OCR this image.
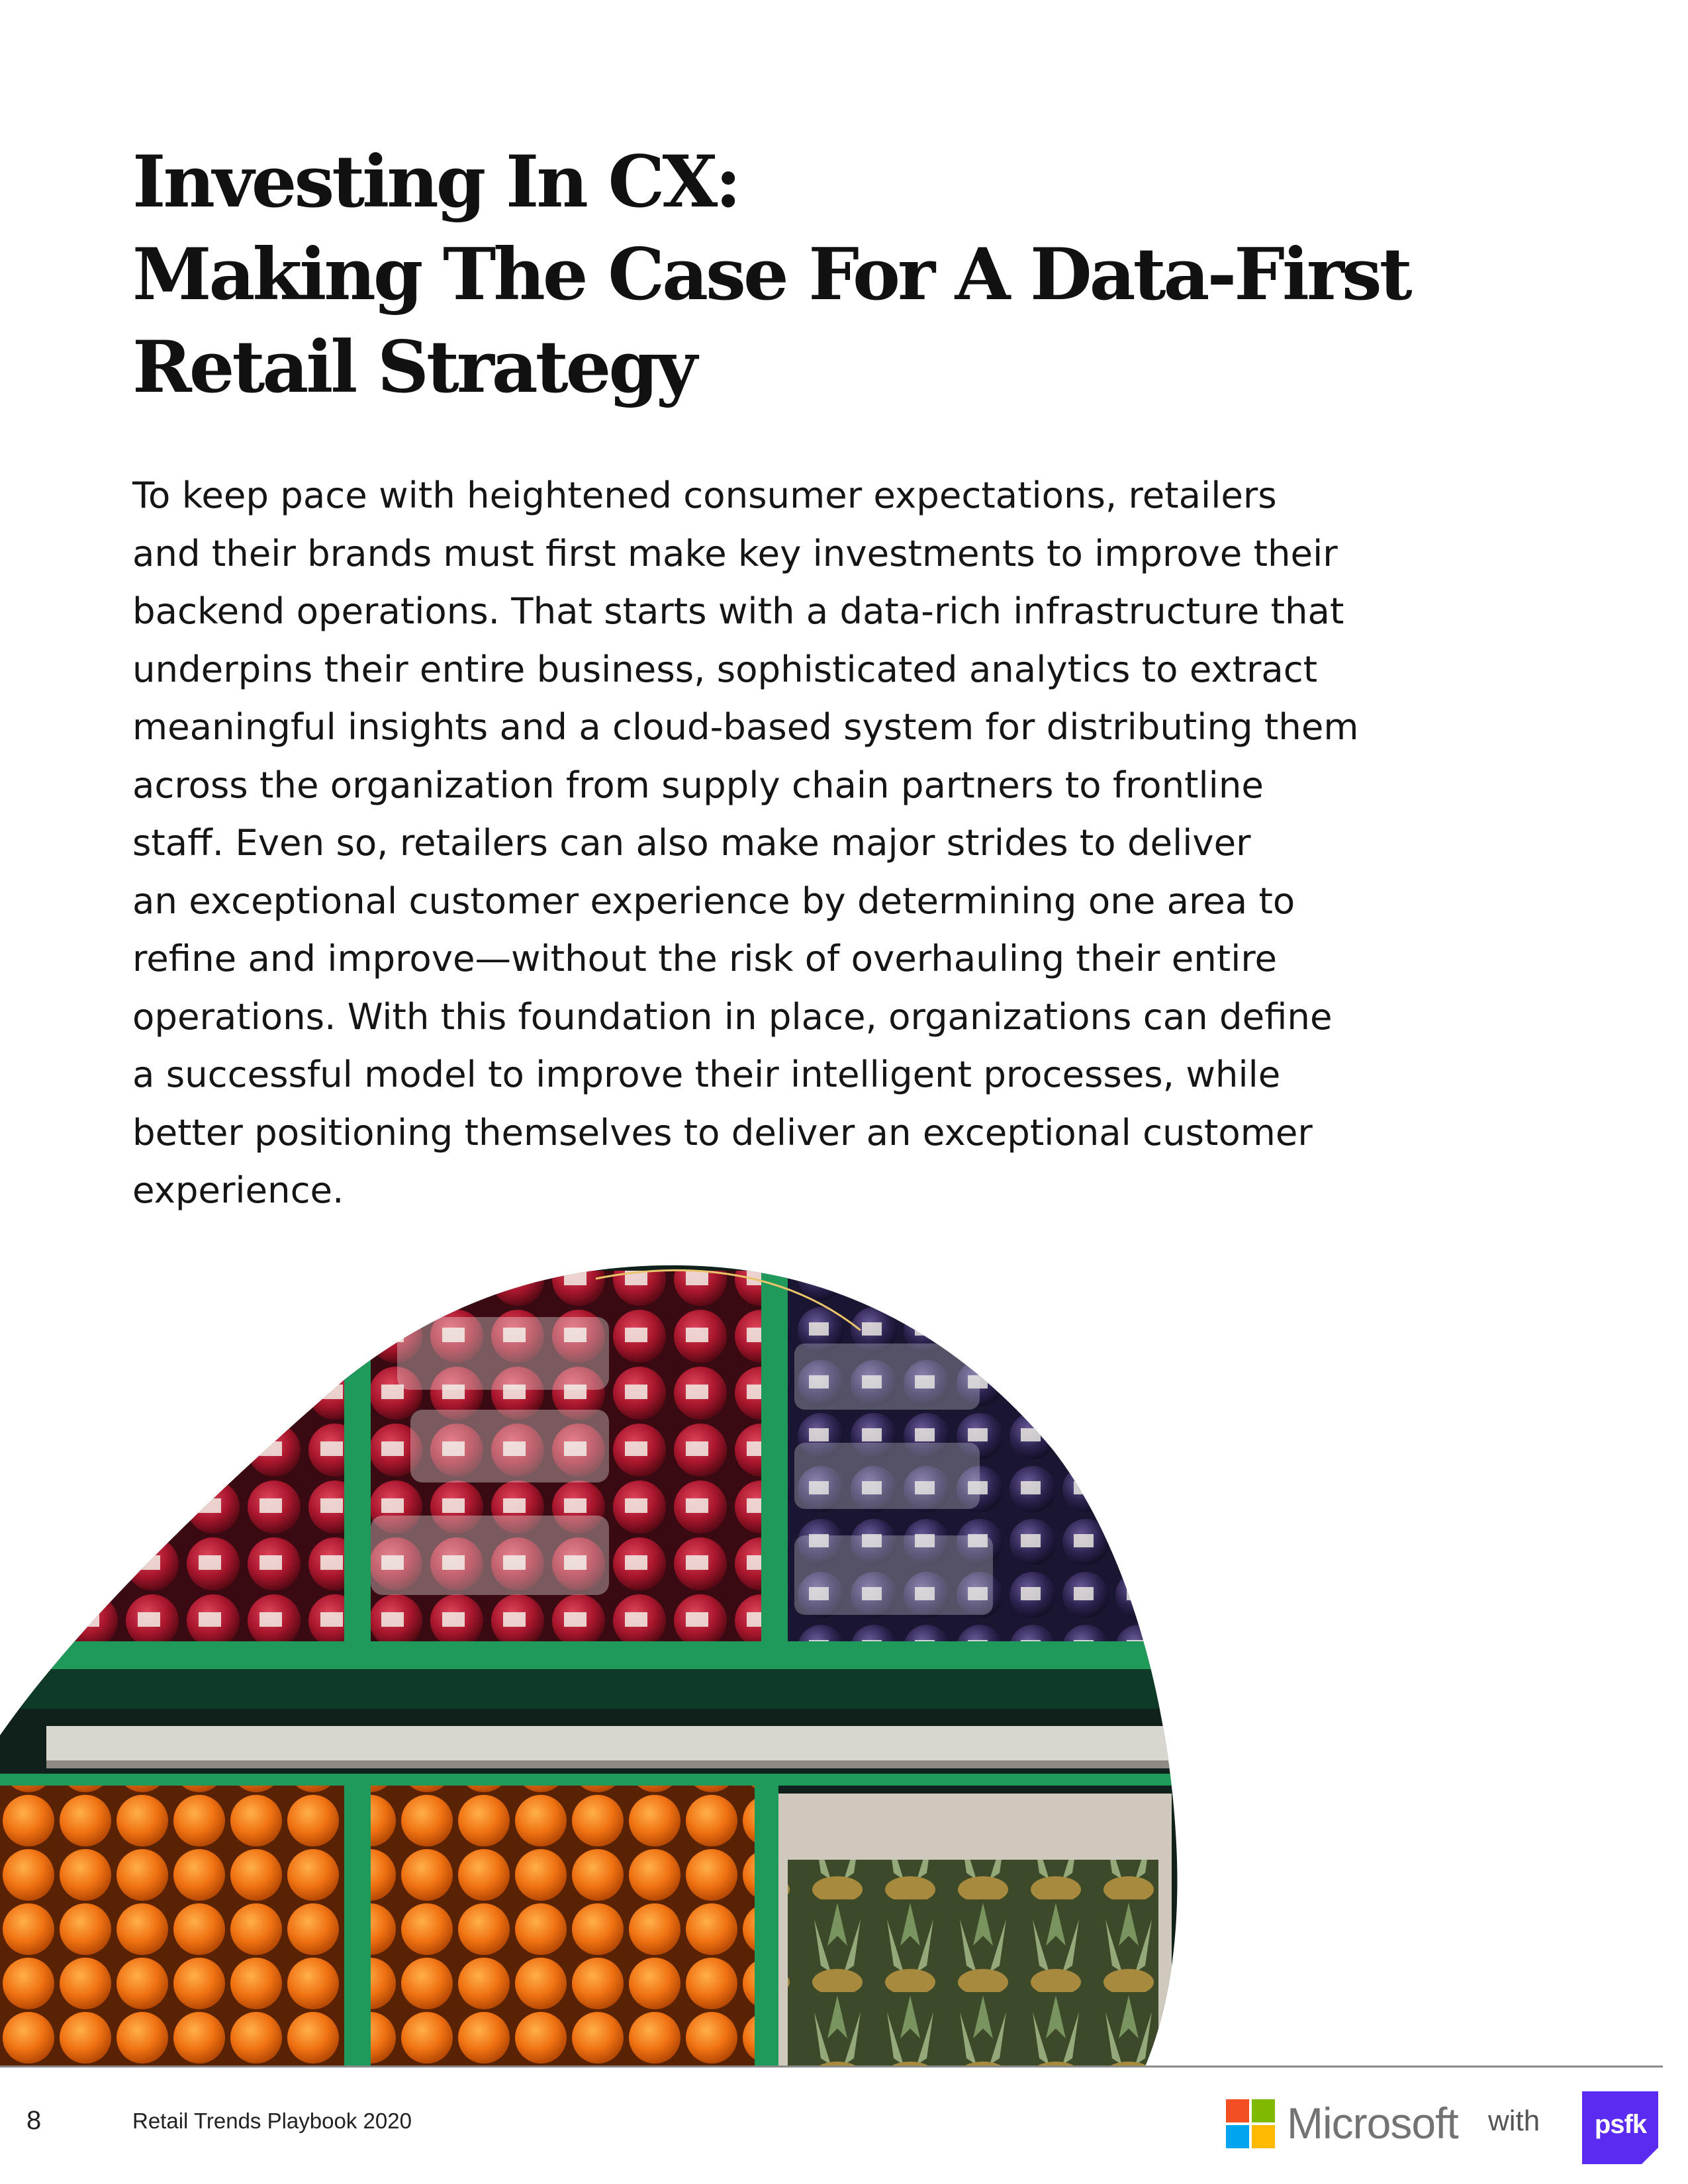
Investing In CX:
Making The Case For A Data-First
Retail Strategy

To keep pace with heightened consumer expectations, retailers
and their brands must first make key investments to improve their
backend operations. That starts with a data-rich infrastructure that
underpins their entire business, sophisticated analytics to extract
meaningful insights and a cloud-based system for distributing them
across the organization from supply chain partners to frontline
staff. Even so, retailers can also make major strides to deliver
an exceptional customer experience by determining one area to
refine and improve—without the risk of overhauling their entire
operations. With this foundation in place, organizations can define
a successful model to improve their intelligent processes, while
better positioning themselves to deliver an exceptional customer
experience.

8	Retail Trends Playbook 2020	Microsoft with psfk
